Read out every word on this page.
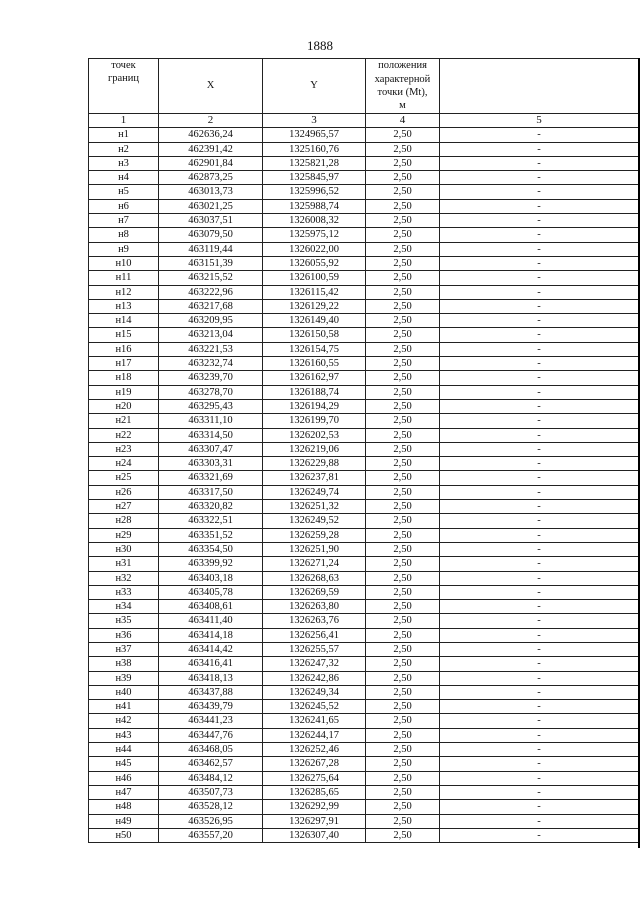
1888
точек
границ	X	Y	положения
характерной
точки (Mt),
м	
1	2	3	4	5
н1	462636,24	1324965,57	2,50	-
н2	462391,42	1325160,76	2,50	-
н3	462901,84	1325821,28	2,50	-
н4	462873,25	1325845,97	2,50	-
н5	463013,73	1325996,52	2,50	-
н6	463021,25	1325988,74	2,50	-
н7	463037,51	1326008,32	2,50	-
н8	463079,50	1325975,12	2,50	-
н9	463119,44	1326022,00	2,50	-
н10	463151,39	1326055,92	2,50	-
н11	463215,52	1326100,59	2,50	-
н12	463222,96	1326115,42	2,50	-
н13	463217,68	1326129,22	2,50	-
н14	463209,95	1326149,40	2,50	-
н15	463213,04	1326150,58	2,50	-
н16	463221,53	1326154,75	2,50	-
н17	463232,74	1326160,55	2,50	-
н18	463239,70	1326162,97	2,50	-
н19	463278,70	1326188,74	2,50	-
н20	463295,43	1326194,29	2,50	-
н21	463311,10	1326199,70	2,50	-
н22	463314,50	1326202,53	2,50	-
н23	463307,47	1326219,06	2,50	-
н24	463303,31	1326229,88	2,50	-
н25	463321,69	1326237,81	2,50	-
н26	463317,50	1326249,74	2,50	-
н27	463320,82	1326251,32	2,50	-
н28	463322,51	1326249,52	2,50	-
н29	463351,52	1326259,28	2,50	-
н30	463354,50	1326251,90	2,50	-
н31	463399,92	1326271,24	2,50	-
н32	463403,18	1326268,63	2,50	-
н33	463405,78	1326269,59	2,50	-
н34	463408,61	1326263,80	2,50	-
н35	463411,40	1326263,76	2,50	-
н36	463414,18	1326256,41	2,50	-
н37	463414,42	1326255,57	2,50	-
н38	463416,41	1326247,32	2,50	-
н39	463418,13	1326242,86	2,50	-
н40	463437,88	1326249,34	2,50	-
н41	463439,79	1326245,52	2,50	-
н42	463441,23	1326241,65	2,50	-
н43	463447,76	1326244,17	2,50	-
н44	463468,05	1326252,46	2,50	-
н45	463462,57	1326267,28	2,50	-
н46	463484,12	1326275,64	2,50	-
н47	463507,73	1326285,65	2,50	-
н48	463528,12	1326292,99	2,50	-
н49	463526,95	1326297,91	2,50	-
н50	463557,20	1326307,40	2,50	-
